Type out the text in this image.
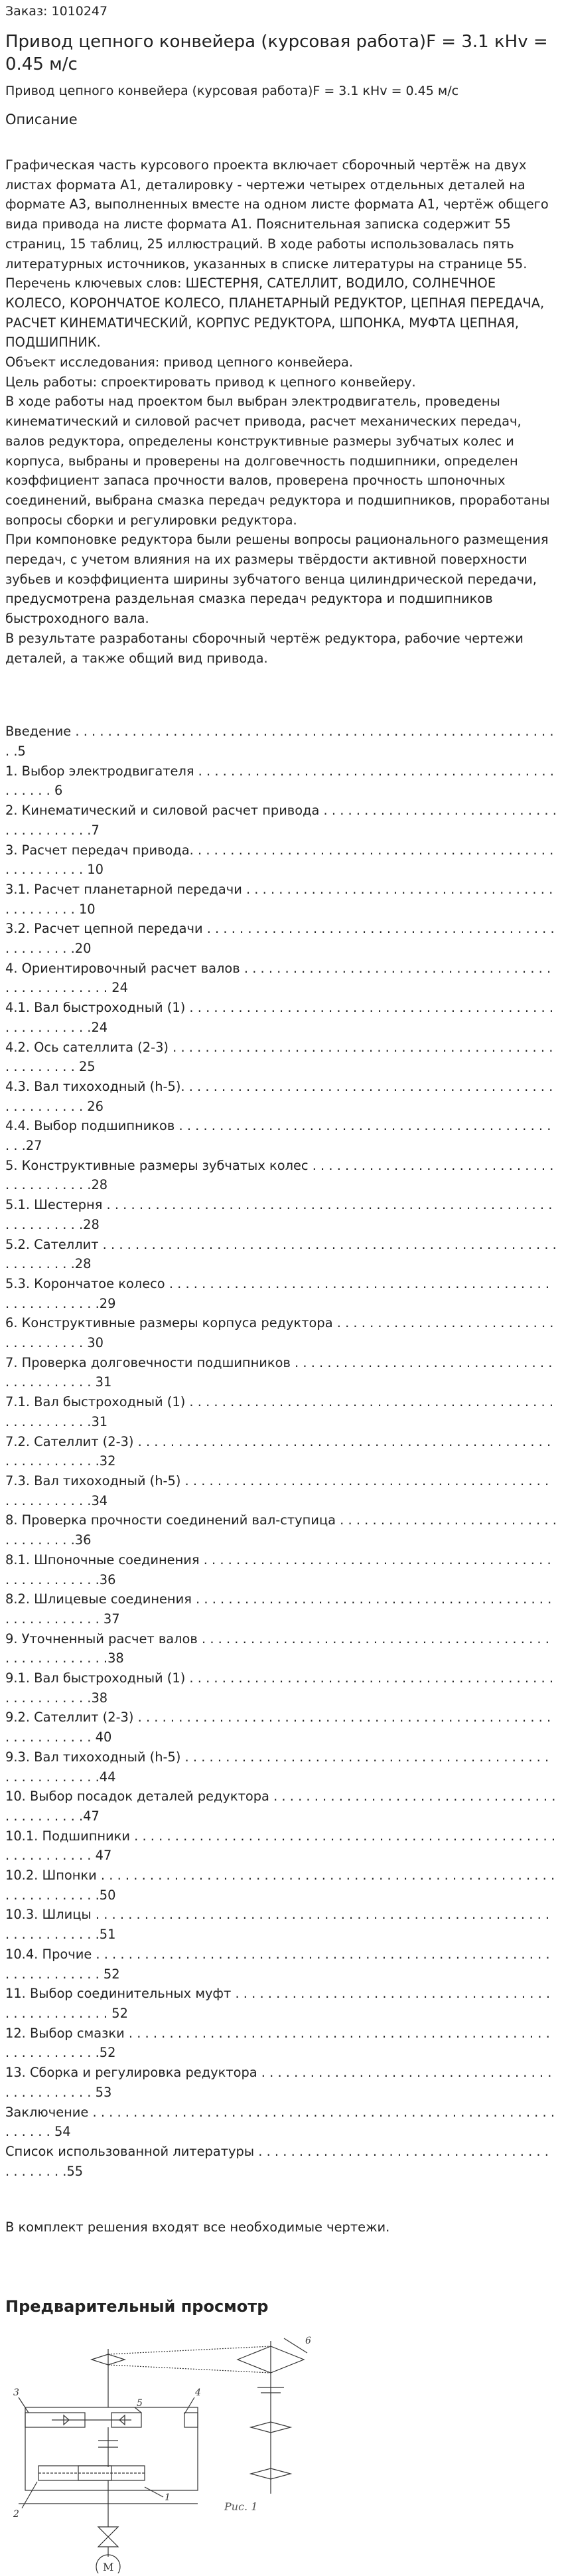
Заказ: 1010247
Привод цепного конвейера (курсовая работа)F = 3.1 кНv = 0.45 м/с
Привод цепного конвейера (курсовая работа)F = 3.1 кНv = 0.45 м/с
Описание

Графическая часть курсового проекта включает сборочный чертёж на двух листах формата А1, деталировку - чертежи четырех отдельных деталей на формате А3, выполненных вместе на одном листе формата А1, чертёж общего вида привода на листе формата А1. Пояснительная записка содержит 55 страниц, 15 таблиц, 25 иллюстраций. В ходе работы использовалась пять литературных источников, указанных в списке литературы на странице 55.

Перечень ключевых слов: ШЕСТЕРНЯ, САТЕЛЛИТ, ВОДИЛО, СОЛНЕЧНОЕ КОЛЕСО, КОРОНЧАТОЕ КОЛЕСО, ПЛАНЕТАРНЫЙ РЕДУКТОР, ЦЕПНАЯ ПЕРЕДАЧА, РАСЧЕТ КИНЕМАТИЧЕСКИЙ, КОРПУС РЕДУКТОРА, ШПОНКА, МУФТА ЦЕПНАЯ, ПОДШИПНИК.

Объект исследования: привод цепного конвейера.

Цель работы: спроектировать привод к цепного конвейеру.

В ходе работы над проектом был выбран электродвигатель, проведены кинематический и силовой расчет привода, расчет механических передач, валов редуктора, определены конструктивные размеры зубчатых колес и корпуса, выбраны и проверены на долговечность подшипники, определен коэффициент запаса прочности валов, проверена прочность шпоночных соединений, выбрана смазка передач редуктора и подшипников, проработаны вопросы сборки и регулировки редуктора.

При компоновке редуктора были решены вопросы рационального размещения передач, с учетом влияния на их размеры твёрдости активной поверхности зубьев и коэффициента ширины зубчатого венца цилиндрической передачи, предусмотрена раздельная смазка передач редуктора и подшипников быстроходного вала.

В результате разработаны сборочный чертёж редуктора, рабочие чертежи деталей, а также общий вид привода.

Введение . . . . . . . . . . . . . . . . . . . . . . . . . . . . . . . . . . . . . . . . . . . . . . . . . . . . . . . . . . . . .5
1. Выбор электродвигателя . . . . . . . . . . . . . . . . . . . . . . . . . . . . . . . . . . . . . . . . . . . . . . . . . . 6
2. Кинематический и силовой расчет привода . . . . . . . . . . . . . . . . . . . . . . . . . . . . . . . . . . . . . . . .7
3. Расчет передач привода. . . . . . . . . . . . . . . . . . . . . . . . . . . . . . . . . . . . . . . . . . . . . . . . . . . . . . . 10
3.1. Расчет планетарной передачи . . . . . . . . . . . . . . . . . . . . . . . . . . . . . . . . . . . . . . . . . . . . . . . 10
3.2. Расчет цепной передачи . . . . . . . . . . . . . . . . . . . . . . . . . . . . . . . . . . . . . . . . . . . . . . . . . . . .20
4. Ориентировочный расчет валов . . . . . . . . . . . . . . . . . . . . . . . . . . . . . . . . . . . . . . . . . . . . . . . . . . . 24
4.1. Вал быстроходный (1) . . . . . . . . . . . . . . . . . . . . . . . . . . . . . . . . . . . . . . . . . . . . . . . . . . . . . . . .24
4.2. Ось сателлита (2-3) . . . . . . . . . . . . . . . . . . . . . . . . . . . . . . . . . . . . . . . . . . . . . . . . . . . . . . . . 25
4.3. Вал тихоходный (h-5). . . . . . . . . . . . . . . . . . . . . . . . . . . . . . . . . . . . . . . . . . . . . . . . . . . . . . . . 26
4.4. Выбор подшипников . . . . . . . . . . . . . . . . . . . . . . . . . . . . . . . . . . . . . . . . . . . . . . . . .27
5. Конструктивные размеры зубчатых колес . . . . . . . . . . . . . . . . . . . . . . . . . . . . . . . . . . . . . . . . .28
5.1. Шестерня . . . . . . . . . . . . . . . . . . . . . . . . . . . . . . . . . . . . . . . . . . . . . . . . . . . . . . . . . . . . . . . . .28
5.2. Сателлит . . . . . . . . . . . . . . . . . . . . . . . . . . . . . . . . . . . . . . . . . . . . . . . . . . . . . . . . . . . . . . . . .28
5.3. Корончатое колесо . . . . . . . . . . . . . . . . . . . . . . . . . . . . . . . . . . . . . . . . . . . . . . . . . . . . . . . . . . .29
6. Конструктивные размеры корпуса редуктора . . . . . . . . . . . . . . . . . . . . . . . . . . . . . . . . . . . . . 30
7. Проверка долговечности подшипников . . . . . . . . . . . . . . . . . . . . . . . . . . . . . . . . . . . . . . . . . . . 31
7.1. Вал быстроходный (1) . . . . . . . . . . . . . . . . . . . . . . . . . . . . . . . . . . . . . . . . . . . . . . . . . . . . . . . .31
7.2. Сателлит (2-3) . . . . . . . . . . . . . . . . . . . . . . . . . . . . . . . . . . . . . . . . . . . . . . . . . . . . . . . . . . . . . . .32
7.3. Вал тихоходный (h-5) . . . . . . . . . . . . . . . . . . . . . . . . . . . . . . . . . . . . . . . . . . . . . . . . . . . . . . . .34
8. Проверка прочности соединений вал-ступица . . . . . . . . . . . . . . . . . . . . . . . . . . . . . . . . . . . .36
8.1. Шпоночные соединения . . . . . . . . . . . . . . . . . . . . . . . . . . . . . . . . . . . . . . . . . . . . . . . . . . . . . . .36
8.2. Шлицевые соединения . . . . . . . . . . . . . . . . . . . . . . . . . . . . . . . . . . . . . . . . . . . . . . . . . . . . . . . . 37
9. Уточненный расчет валов . . . . . . . . . . . . . . . . . . . . . . . . . . . . . . . . . . . . . . . . . . . . . . . . . . . . . . . .38
9.1. Вал быстроходный (1) . . . . . . . . . . . . . . . . . . . . . . . . . . . . . . . . . . . . . . . . . . . . . . . . . . . . . . . .38
9.2. Сателлит (2-3) . . . . . . . . . . . . . . . . . . . . . . . . . . . . . . . . . . . . . . . . . . . . . . . . . . . . . . . . . . . . . . 40
9.3. Вал тихоходный (h-5) . . . . . . . . . . . . . . . . . . . . . . . . . . . . . . . . . . . . . . . . . . . . . . . . . . . . . . . . .44
10. Выбор посадок деталей редуктора . . . . . . . . . . . . . . . . . . . . . . . . . . . . . . . . . . . . . . . . . . . . .47
10.1. Подшипники . . . . . . . . . . . . . . . . . . . . . . . . . . . . . . . . . . . . . . . . . . . . . . . . . . . . . . . . . . . . . . . 47
10.2. Шпонки . . . . . . . . . . . . . . . . . . . . . . . . . . . . . . . . . . . . . . . . . . . . . . . . . . . . . . . . . . . . . . . . . . . .50
10.3. Шлицы . . . . . . . . . . . . . . . . . . . . . . . . . . . . . . . . . . . . . . . . . . . . . . . . . . . . . . . . . . . . . . . . . . . .51
10.4. Прочие . . . . . . . . . . . . . . . . . . . . . . . . . . . . . . . . . . . . . . . . . . . . . . . . . . . . . . . . . . . . . . . . . . . . 52
11. Выбор соединительных муфт . . . . . . . . . . . . . . . . . . . . . . . . . . . . . . . . . . . . . . . . . . . . . . . . . . . . 52
12. Выбор смазки . . . . . . . . . . . . . . . . . . . . . . . . . . . . . . . . . . . . . . . . . . . . . . . . . . . . . . . . . . . . . . . .52
13. Сборка и регулировка редуктора . . . . . . . . . . . . . . . . . . . . . . . . . . . . . . . . . . . . . . . . . . . . . . . 53
Заключение . . . . . . . . . . . . . . . . . . . . . . . . . . . . . . . . . . . . . . . . . . . . . . . . . . . . . . . . . . . . . . . 54
Список использованной литературы . . . . . . . . . . . . . . . . . . . . . . . . . . . . . . . . . . . . . . . . . . . .55
В комплект решения входят все необходимые чертежи.
Предварительный просмотр
3
5
4
6
2
1
М
Рис. 1
